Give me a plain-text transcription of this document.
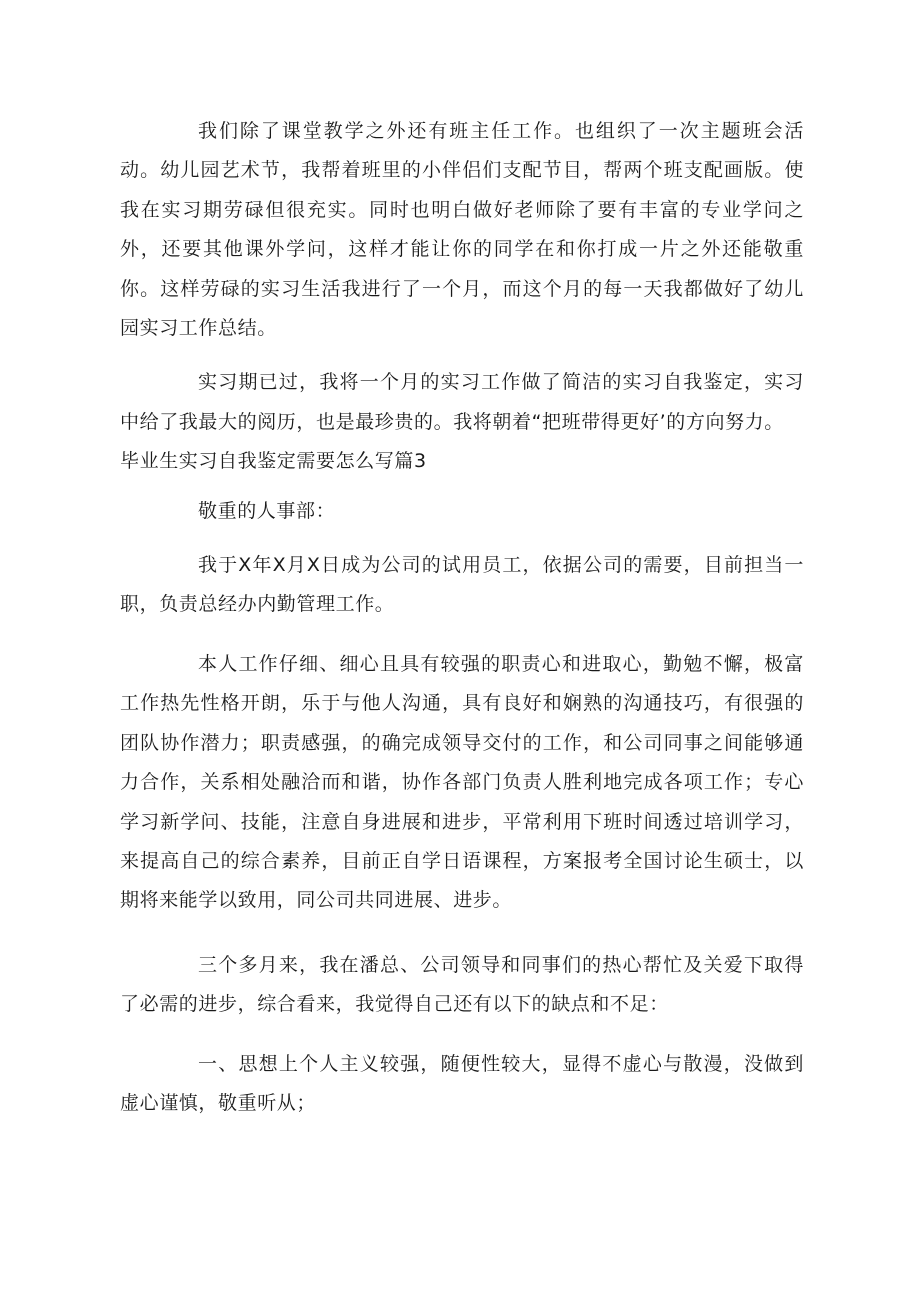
我们除了课堂教学之外还有班主任工作。也组织了一次主题班会活动。幼儿园艺术节，我帮着班里的小伴侣们支配节目，帮两个班支配画版。使我在实习期劳碌但很充实。同时也明白做好老师除了要有丰富的专业学问之外，还要其他课外学问，这样才能让你的同学在和你打成一片之外还能敬重你。这样劳碌的实习生活我进行了一个月，而这个月的每一天我都做好了幼儿园实习工作总结。

实习期已过，我将一个月的实习工作做了简洁的实习自我鉴定，实习中给了我最大的阅历，也是最珍贵的。我将朝着“把班带得更好’的方向努力。

毕业生实习自我鉴定需要怎么写篇3

敬重的人事部：

我于X年X月X日成为公司的试用员工，依据公司的需要，目前担当一职，负责总经办内勤管理工作。

本人工作仔细、细心且具有较强的职责心和进取心，勤勉不懈，极富工作热先性格开朗，乐于与他人沟通，具有良好和娴熟的沟通技巧，有很强的团队协作潜力；职责感强，的确完成领导交付的工作，和公司同事之间能够通力合作，关系相处融洽而和谐，协作各部门负责人胜利地完成各项工作；专心学习新学问、技能，注意自身进展和进步，平常利用下班时间透过培训学习，来提高自己的综合素养，目前正自学日语课程，方案报考全国讨论生硕士，以期将来能学以致用，同公司共同进展、进步。

三个多月来，我在潘总、公司领导和同事们的热心帮忙及关爱下取得了必需的进步，综合看来，我觉得自己还有以下的缺点和不足：

一、思想上个人主义较强，随便性较大，显得不虚心与散漫，没做到虚心谨慎，敬重听从；
